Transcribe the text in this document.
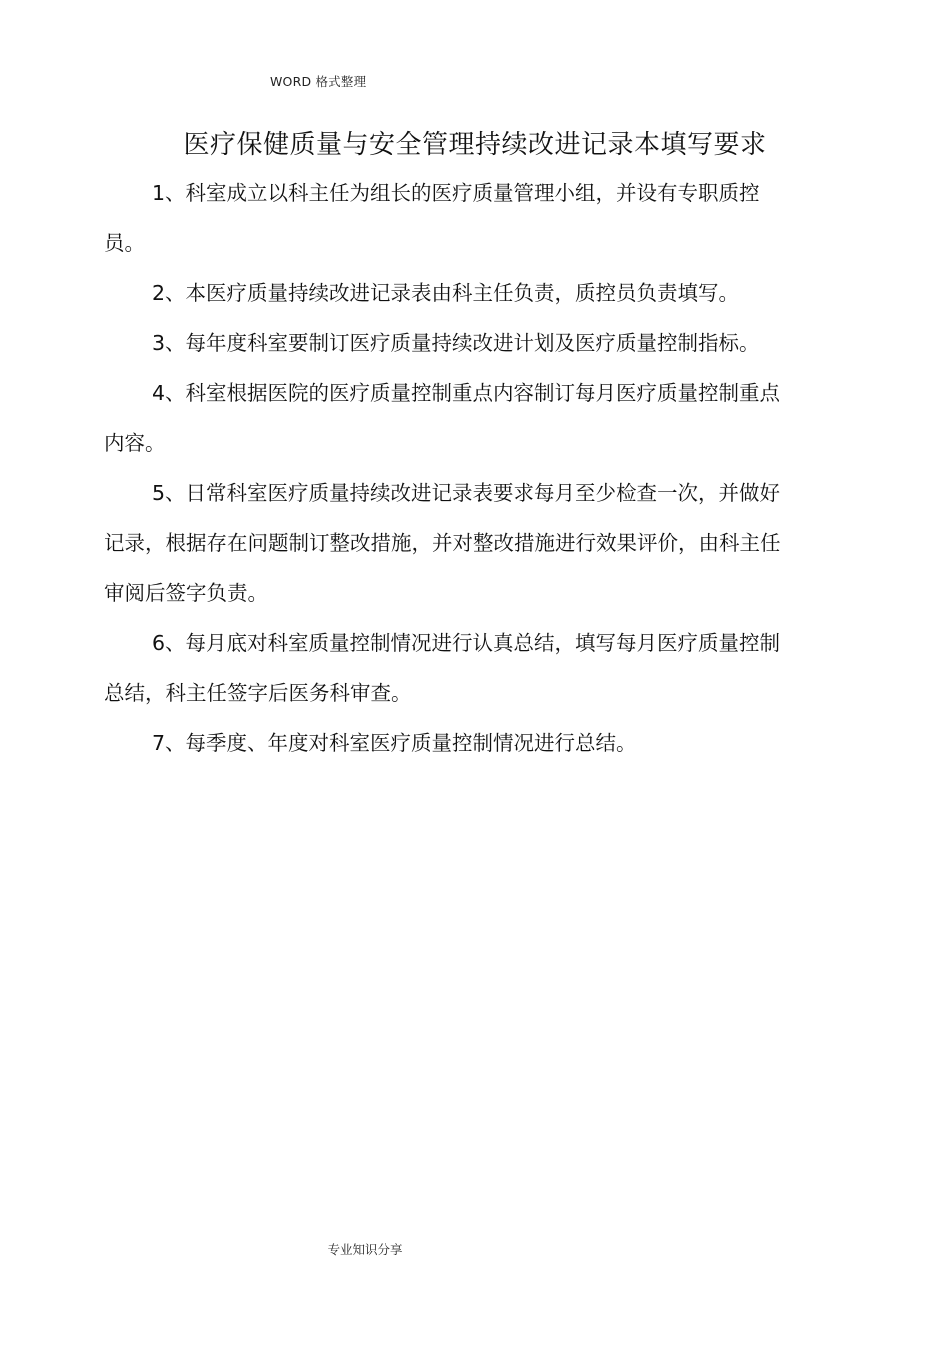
WORD 格式整理
医疗保健质量与安全管理持续改进记录本填写要求

1、科室成立以科主任为组长的医疗质量管理小组，并设有专职质控员。

2、本医疗质量持续改进记录表由科主任负责，质控员负责填写。

3、每年度科室要制订医疗质量持续改进计划及医疗质量控制指标。

4、科室根据医院的医疗质量控制重点内容制订每月医疗质量控制重点内容。

5、日常科室医疗质量持续改进记录表要求每月至少检查一次，并做好记录，根据存在问题制订整改措施，并对整改措施进行效果评价，由科主任审阅后签字负责。

6、每月底对科室质量控制情况进行认真总结，填写每月医疗质量控制总结，科主任签字后医务科审查。

7、每季度、年度对科室医疗质量控制情况进行总结。

专业知识分享
